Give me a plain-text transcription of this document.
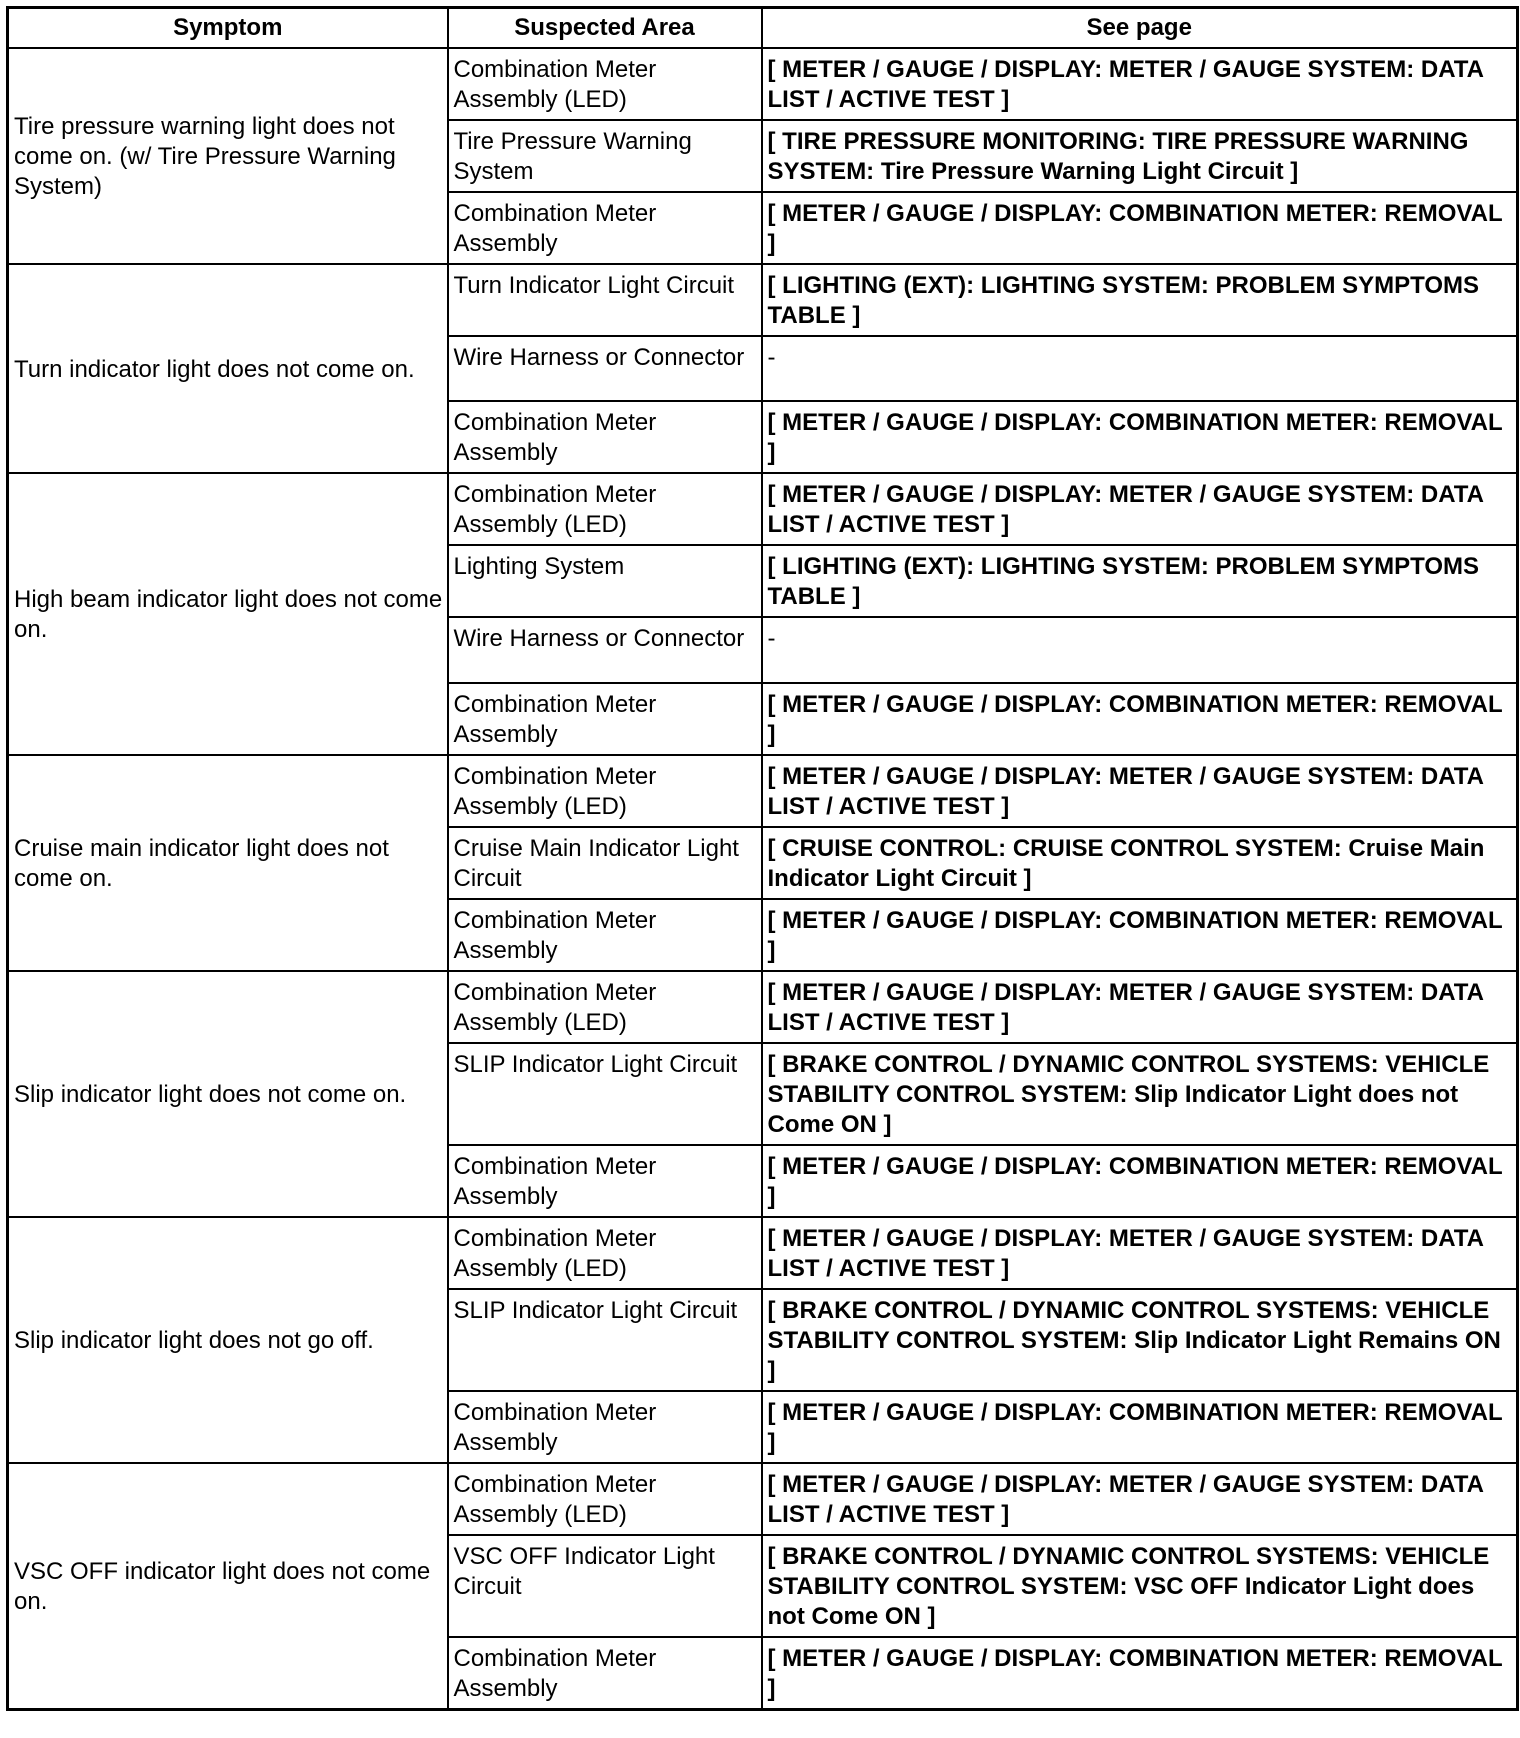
Symptom	Suspected Area	See page
Tire pressure warning light does not come on. (w/ Tire Pressure Warning System)	Combination Meter Assembly (LED)	[ METER / GAUGE / DISPLAY: METER / GAUGE SYSTEM: DATA LIST / ACTIVE TEST ]
	Tire Pressure Warning System	[ TIRE PRESSURE MONITORING: TIRE PRESSURE WARNING SYSTEM: Tire Pressure Warning Light Circuit ]
	Combination Meter Assembly	[ METER / GAUGE / DISPLAY: COMBINATION METER: REMOVAL ]
Turn indicator light does not come on.	Turn Indicator Light Circuit	[ LIGHTING (EXT): LIGHTING SYSTEM: PROBLEM SYMPTOMS TABLE ]
	Wire Harness or Connector	-
	Combination Meter Assembly	[ METER / GAUGE / DISPLAY: COMBINATION METER: REMOVAL ]
High beam indicator light does not come on.	Combination Meter Assembly (LED)	[ METER / GAUGE / DISPLAY: METER / GAUGE SYSTEM: DATA LIST / ACTIVE TEST ]
	Lighting System	[ LIGHTING (EXT): LIGHTING SYSTEM: PROBLEM SYMPTOMS TABLE ]
	Wire Harness or Connector	-
	Combination Meter Assembly	[ METER / GAUGE / DISPLAY: COMBINATION METER: REMOVAL ]
Cruise main indicator light does not come on.	Combination Meter Assembly (LED)	[ METER / GAUGE / DISPLAY: METER / GAUGE SYSTEM: DATA LIST / ACTIVE TEST ]
	Cruise Main Indicator Light Circuit	[ CRUISE CONTROL: CRUISE CONTROL SYSTEM: Cruise Main Indicator Light Circuit ]
	Combination Meter Assembly	[ METER / GAUGE / DISPLAY: COMBINATION METER: REMOVAL ]
Slip indicator light does not come on.	Combination Meter Assembly (LED)	[ METER / GAUGE / DISPLAY: METER / GAUGE SYSTEM: DATA LIST / ACTIVE TEST ]
	SLIP Indicator Light Circuit	[ BRAKE CONTROL / DYNAMIC CONTROL SYSTEMS: VEHICLE STABILITY CONTROL SYSTEM: Slip Indicator Light does not Come ON ]
	Combination Meter Assembly	[ METER / GAUGE / DISPLAY: COMBINATION METER: REMOVAL ]
Slip indicator light does not go off.	Combination Meter Assembly (LED)	[ METER / GAUGE / DISPLAY: METER / GAUGE SYSTEM: DATA LIST / ACTIVE TEST ]
	SLIP Indicator Light Circuit	[ BRAKE CONTROL / DYNAMIC CONTROL SYSTEMS: VEHICLE STABILITY CONTROL SYSTEM: Slip Indicator Light Remains ON ]
	Combination Meter Assembly	[ METER / GAUGE / DISPLAY: COMBINATION METER: REMOVAL ]
VSC OFF indicator light does not come on.	Combination Meter Assembly (LED)	[ METER / GAUGE / DISPLAY: METER / GAUGE SYSTEM: DATA LIST / ACTIVE TEST ]
	VSC OFF Indicator Light Circuit	[ BRAKE CONTROL / DYNAMIC CONTROL SYSTEMS: VEHICLE STABILITY CONTROL SYSTEM: VSC OFF Indicator Light does not Come ON ]
	Combination Meter Assembly	[ METER / GAUGE / DISPLAY: COMBINATION METER: REMOVAL ]
